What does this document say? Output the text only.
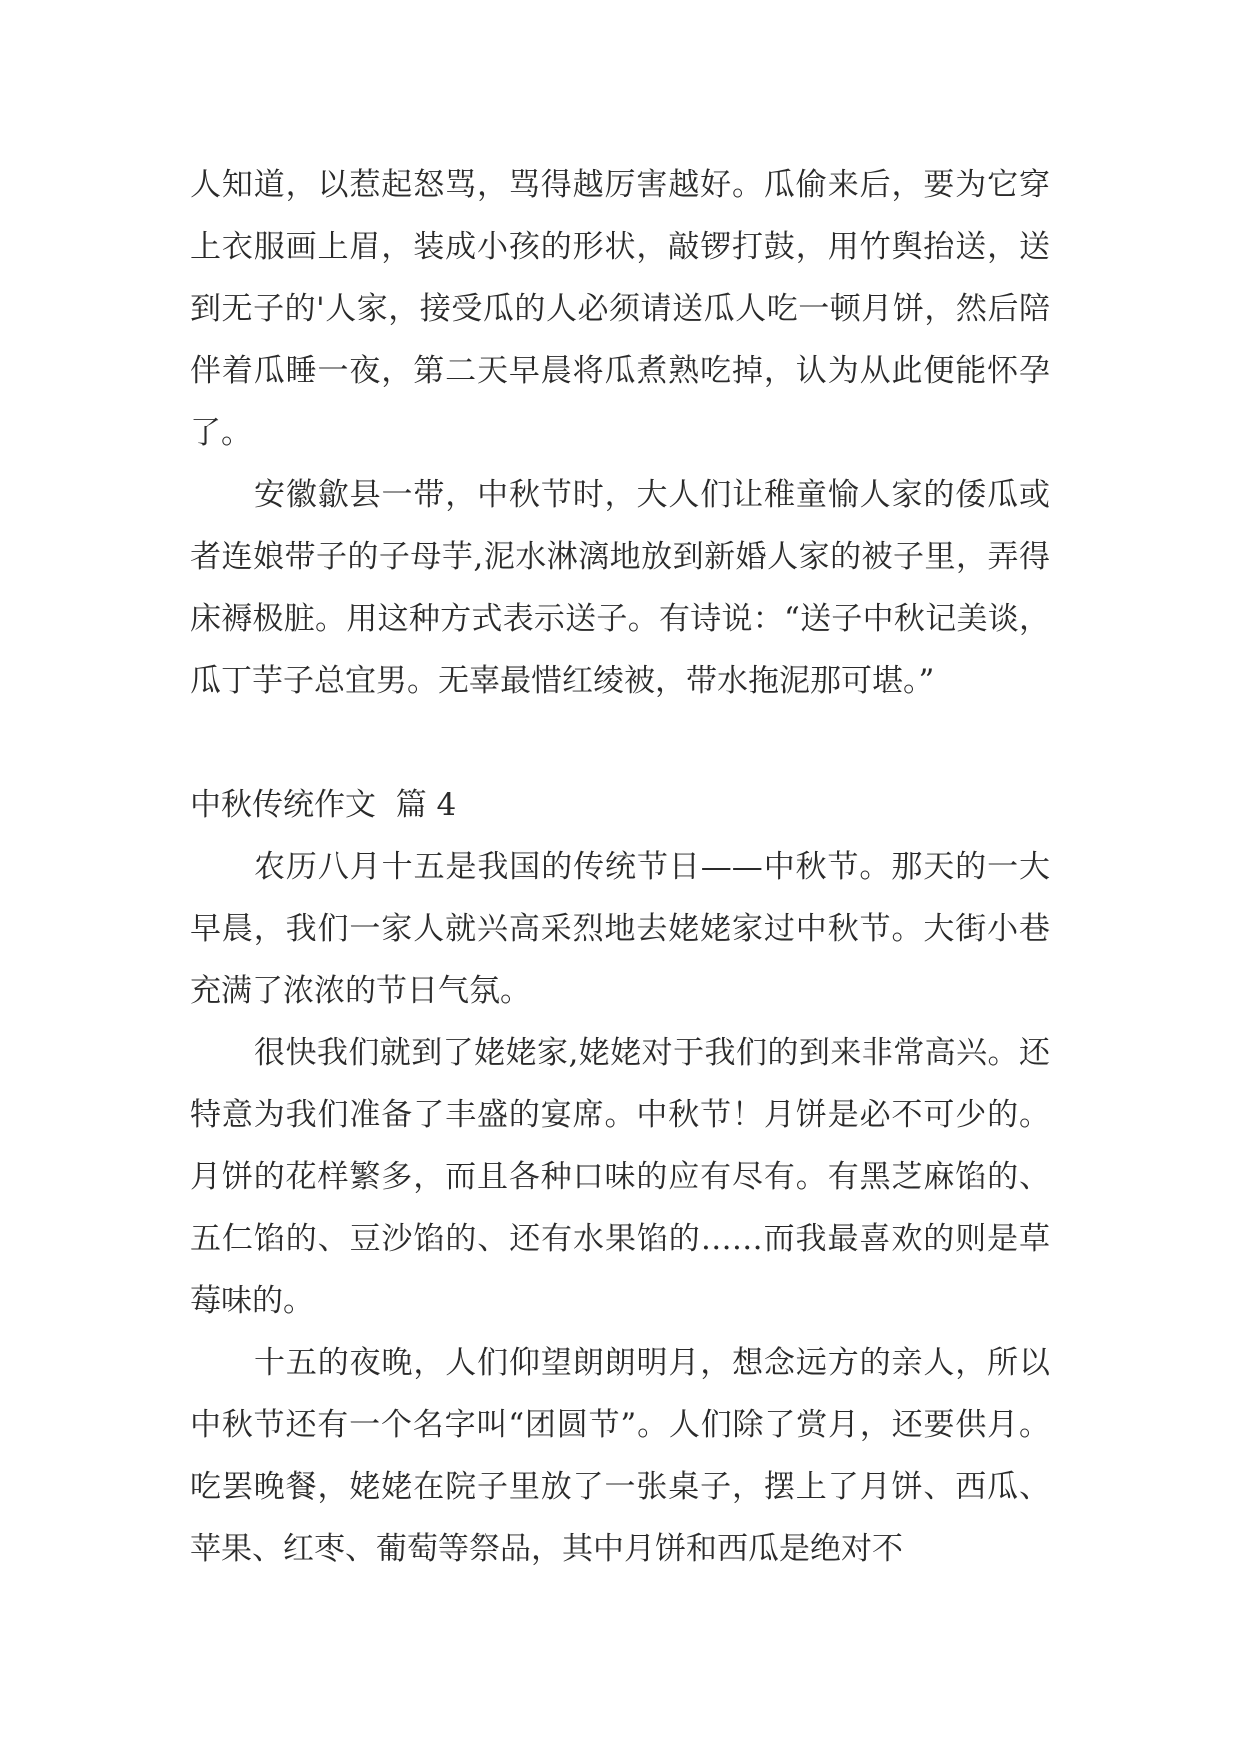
人知道，以惹起怒骂，骂得越厉害越好。瓜偷来后，要为它穿上衣服画上眉，装成小孩的形状，敲锣打鼓，用竹舆抬送，送到无子的'人家，接受瓜的人必须请送瓜人吃一顿月饼，然后陪伴着瓜睡一夜，第二天早晨将瓜煮熟吃掉，认为从此便能怀孕了。

安徽歙县一带，中秋节时，大人们让稚童愉人家的倭瓜或者连娘带子的子母芋,泥水淋漓地放到新婚人家的被子里，弄得床褥极脏。用这种方式表示送子。有诗说：“送子中秋记美谈，瓜丁芋子总宜男。无辜最惜红绫被，带水拖泥那可堪。”

中秋传统作文  篇 4

农历八月十五是我国的传统节日——中秋节。那天的一大早晨，我们一家人就兴高采烈地去姥姥家过中秋节。大街小巷充满了浓浓的节日气氛。

很快我们就到了姥姥家,姥姥对于我们的到来非常高兴。还特意为我们准备了丰盛的宴席。中秋节！月饼是必不可少的。月饼的花样繁多，而且各种口味的应有尽有。有黑芝麻馅的、五仁馅的、豆沙馅的、还有水果馅的……而我最喜欢的则是草莓味的。

十五的夜晚，人们仰望朗朗明月，想念远方的亲人，所以中秋节还有一个名字叫“团圆节”。人们除了赏月，还要供月。吃罢晚餐，姥姥在院子里放了一张桌子，摆上了月饼、西瓜、苹果、红枣、葡萄等祭品，其中月饼和西瓜是绝对不
